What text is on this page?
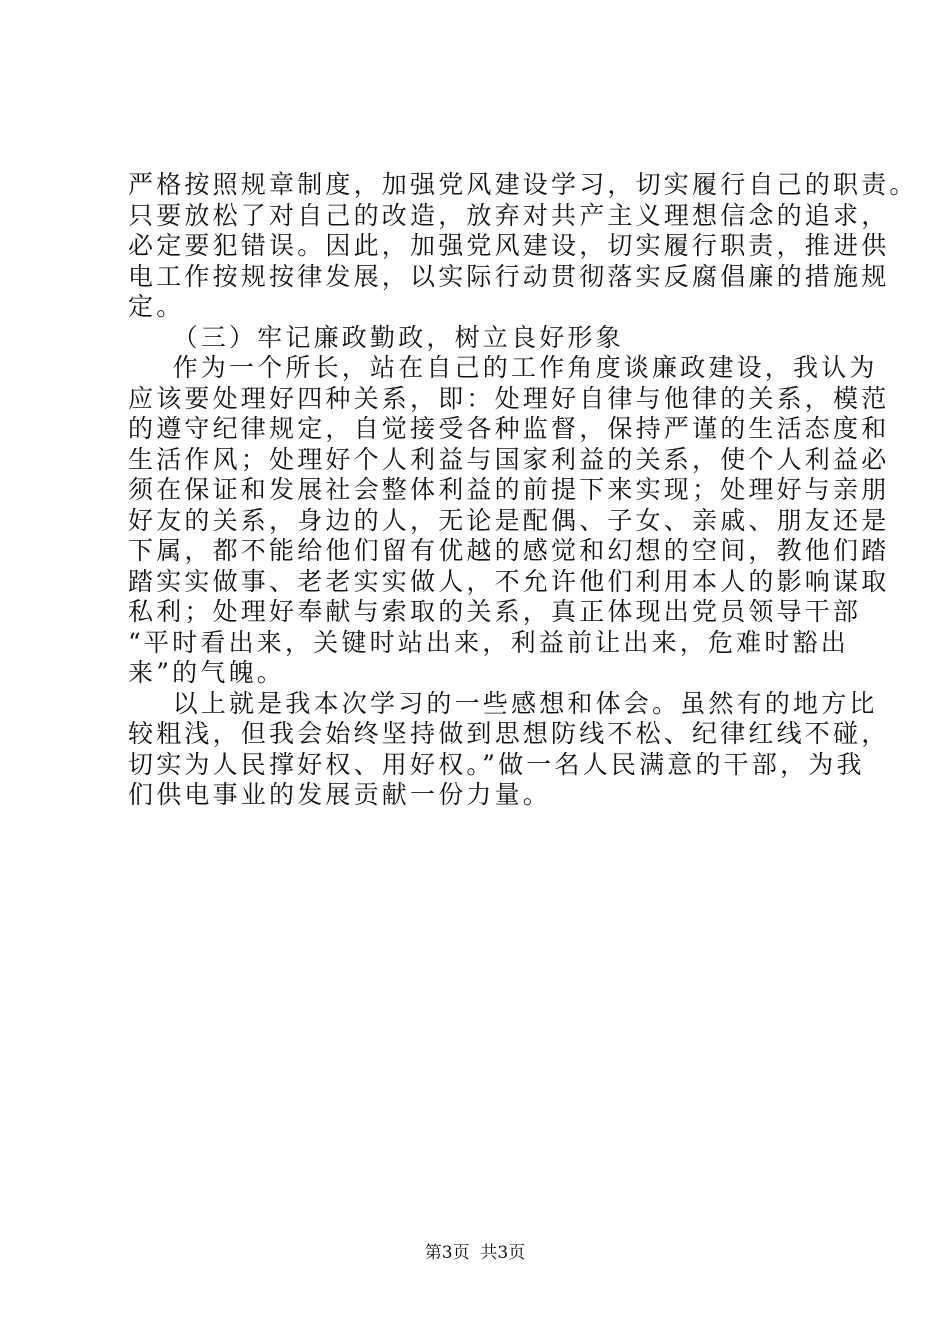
严格按照规章制度，加强党风建设学习，切实履行自己的职责。
只要放松了对自己的改造，放弃对共产主义理想信念的追求，
必定要犯错误。因此，加强党风建设，切实履行职责，推进供
电工作按规按律发展，以实际行动贯彻落实反腐倡廉的措施规
定。
（三）牢记廉政勤政，树立良好形象
作为一个所长，站在自己的工作角度谈廉政建设，我认为
应该要处理好四种关系，即：处理好自律与他律的关系，模范
的遵守纪律规定，自觉接受各种监督，保持严谨的生活态度和
生活作风；处理好个人利益与国家利益的关系，使个人利益必
须在保证和发展社会整体利益的前提下来实现；处理好与亲朋
好友的关系，身边的人，无论是配偶、子女、亲戚、朋友还是
下属，都不能给他们留有优越的感觉和幻想的空间，教他们踏
踏实实做事、老老实实做人，不允许他们利用本人的影响谋取
私利；处理好奉献与索取的关系，真正体现出党员领导干部
“平时看出来，关键时站出来，利益前让出来，危难时豁出
来”的气魄。
以上就是我本次学习的一些感想和体会。虽然有的地方比
较粗浅，但我会始终坚持做到思想防线不松、纪律红线不碰，
切实为人民撑好权、用好权。”做一名人民满意的干部，为我
们供电事业的发展贡献一份力量。
第3页  共3页
